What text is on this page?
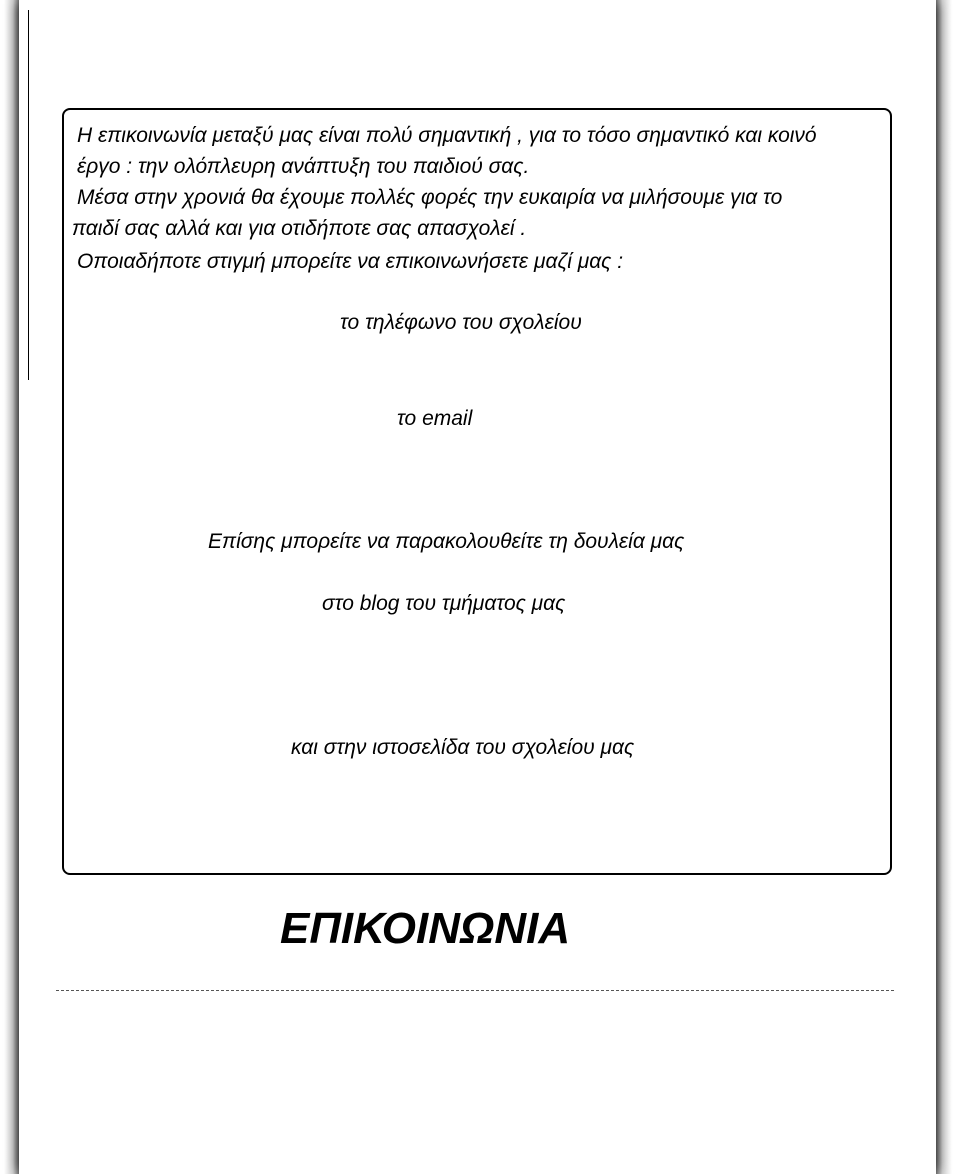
Η επικοινωνία μεταξύ μας είναι πολύ σημαντική , για το τόσο σημαντικό και κοινό
έργο : την ολόπλευρη ανάπτυξη του παιδιού σας.
Μέσα στην χρονιά θα έχουμε πολλές φορές την ευκαιρία να μιλήσουμε για το
παιδί σας αλλά και για οτιδήποτε σας απασχολεί .
Οποιαδήποτε στιγμή μπορείτε να επικοινωνήσετε μαζί μας :
το τηλέφωνο του σχολείου
το email
Επίσης μπορείτε να παρακολουθείτε τη δουλεία μας
στο blog του τμήματος μας
και στην ιστοσελίδα του σχολείου μας
ΕΠΙΚΟΙΝΩΝΙΑ
